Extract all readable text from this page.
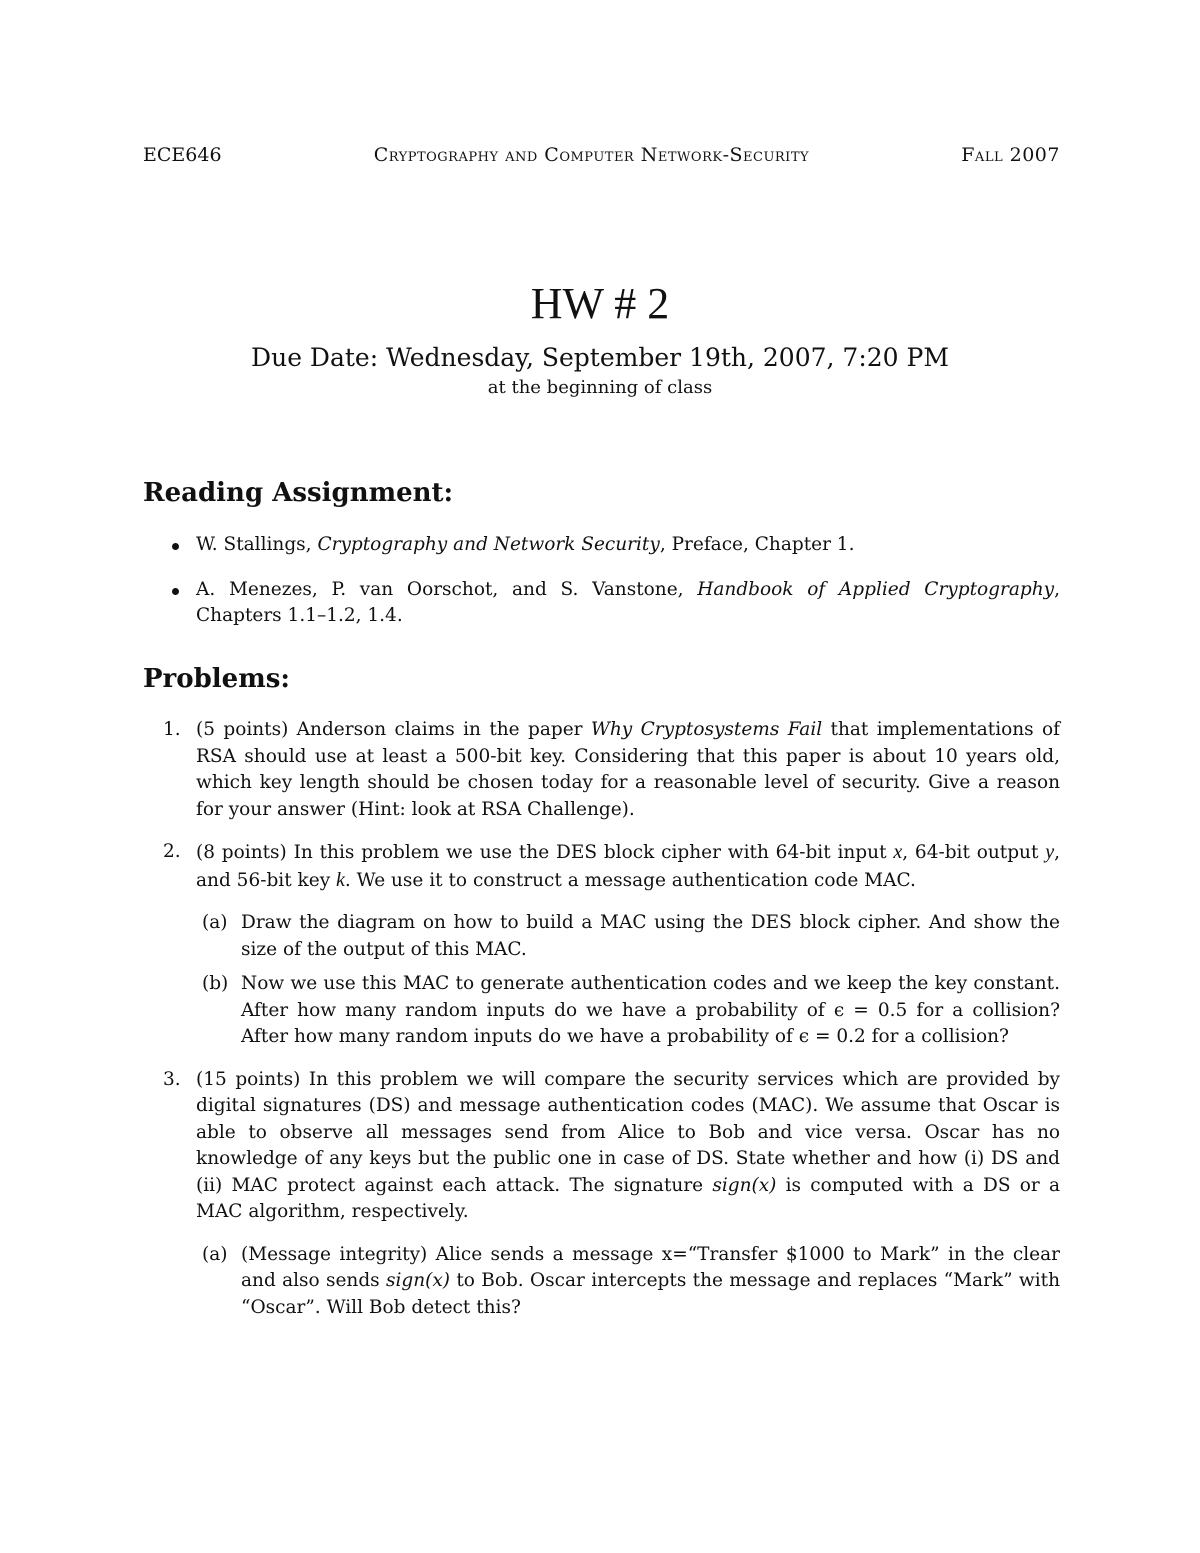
ECE646	Cryptography and Computer Network-Security	Fall 2007
HW # 2
Due Date: Wednesday, September 19th, 2007, 7:20 PM
at the beginning of class
Reading Assignment:
W. Stallings, Cryptography and Network Security, Preface, Chapter 1.
A. Menezes, P. van Oorschot, and S. Vanstone, Handbook of Applied Cryptography, Chapters 1.1–1.2, 1.4.
Problems:
1. (5 points) Anderson claims in the paper Why Cryptosystems Fail that implementations of RSA should use at least a 500-bit key. Considering that this paper is about 10 years old, which key length should be chosen today for a reasonable level of security. Give a reason for your answer (Hint: look at RSA Challenge).
2. (8 points) In this problem we use the DES block cipher with 64-bit input x, 64-bit output y, and 56-bit key k. We use it to construct a message authentication code MAC.
(a) Draw the diagram on how to build a MAC using the DES block cipher. And show the size of the output of this MAC.
(b) Now we use this MAC to generate authentication codes and we keep the key constant. After how many random inputs do we have a probability of ϵ = 0.5 for a collision? After how many random inputs do we have a probability of ϵ = 0.2 for a collision?
3. (15 points) In this problem we will compare the security services which are provided by digital signatures (DS) and message authentication codes (MAC). We assume that Oscar is able to observe all messages send from Alice to Bob and vice versa. Oscar has no knowledge of any keys but the public one in case of DS. State whether and how (i) DS and (ii) MAC protect against each attack. The signature sign(x) is computed with a DS or a MAC algorithm, respectively.
(a) (Message integrity) Alice sends a message x=“Transfer $1000 to Mark” in the clear and also sends sign(x) to Bob. Oscar intercepts the message and replaces “Mark” with “Oscar”. Will Bob detect this?
